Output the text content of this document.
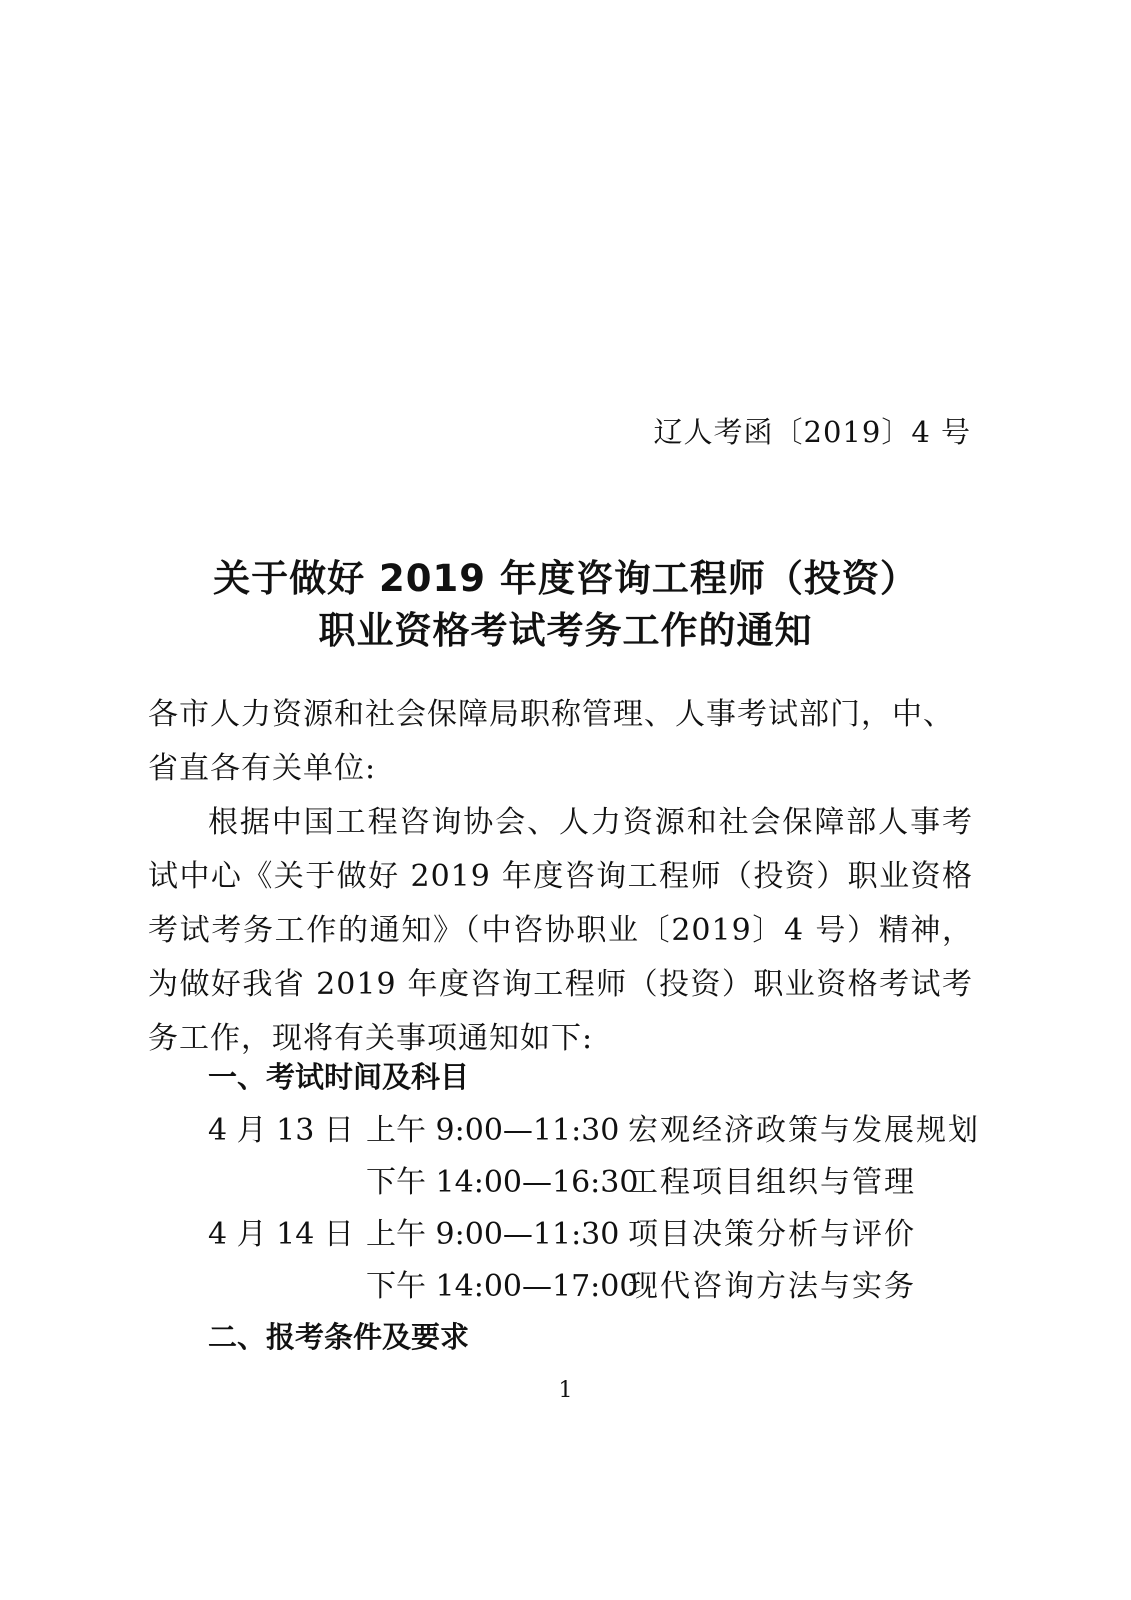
辽人考函〔2019〕4 号
关于做好 2019 年度咨询工程师（投资）
职业资格考试考务工作的通知
各市人力资源和社会保障局职称管理、人事考试部门，中、省直各有关单位:
根据中国工程咨询协会、人力资源和社会保障部人事考试中心《关于做好 2019 年度咨询工程师（投资）职业资格考试考务工作的通知》（中咨协职业〔2019〕4 号）精神，为做好我省 2019 年度咨询工程师（投资）职业资格考试考务工作，现将有关事项通知如下:
一、考试时间及科目
4 月 13 日 上午 9:00—11:30 宏观经济政策与发展规划
下午 14:00—16:30
工程项目组织与管理
4 月 14 日 上午 9:00—11:30 项目决策分析与评价
下午 14:00—17:00
现代咨询方法与实务
二、报考条件及要求
1
